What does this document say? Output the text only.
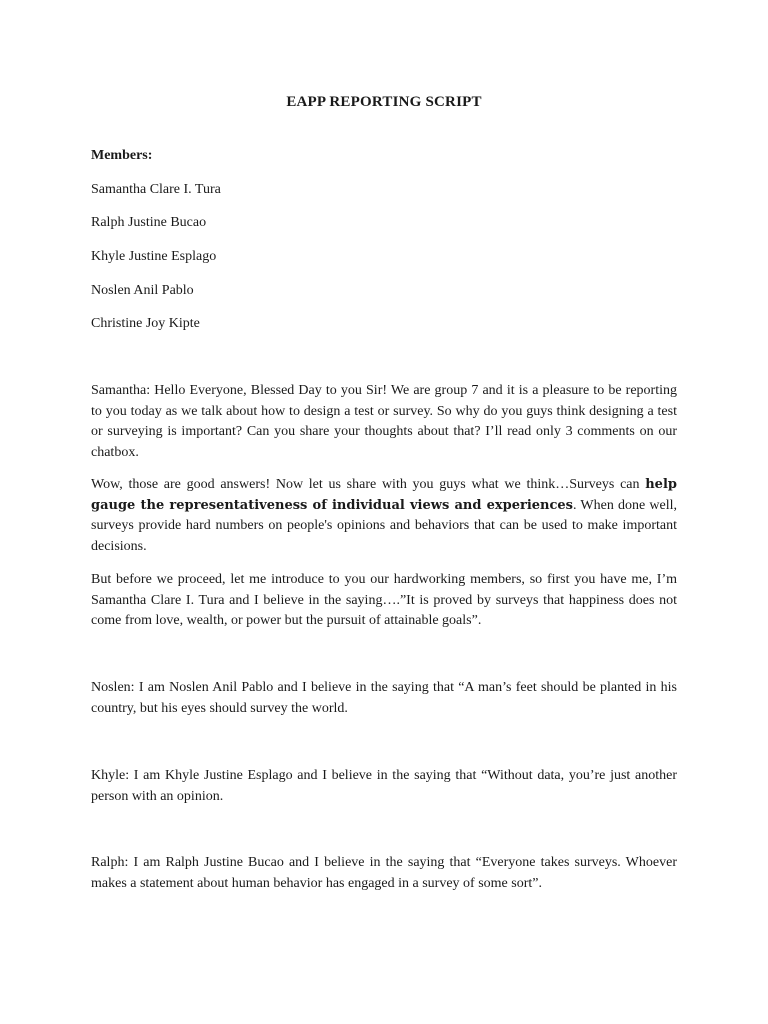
EAPP REPORTING SCRIPT
Members:
Samantha Clare I. Tura
Ralph Justine Bucao
Khyle Justine Esplago
Noslen Anil Pablo
Christine Joy Kipte
Samantha: Hello Everyone, Blessed Day to you Sir! We are group 7 and it is a pleasure to be reporting to you today as we talk about how to design a test or survey. So why do you guys think designing a test or surveying is important? Can you share your thoughts about that? I’ll read only 3 comments on our chatbox.
Wow, those are good answers! Now let us share with you guys what we think…Surveys can help gauge the representativeness of individual views and experiences. When done well, surveys provide hard numbers on people's opinions and behaviors that can be used to make important decisions.
But before we proceed, let me introduce to you our hardworking members, so first you have me, I’m Samantha Clare I. Tura and I believe in the saying….”It is proved by surveys that happiness does not come from love, wealth, or power but the pursuit of attainable goals”.
Noslen: I am Noslen Anil Pablo and I believe in the saying that “A man’s feet should be planted in his country, but his eyes should survey the world.
Khyle: I am Khyle Justine Esplago and I believe in the saying that “Without data, you’re just another person with an opinion.
Ralph: I am Ralph Justine Bucao and I believe in the saying that “Everyone takes surveys. Whoever makes a statement about human behavior has engaged in a survey of some sort”.
